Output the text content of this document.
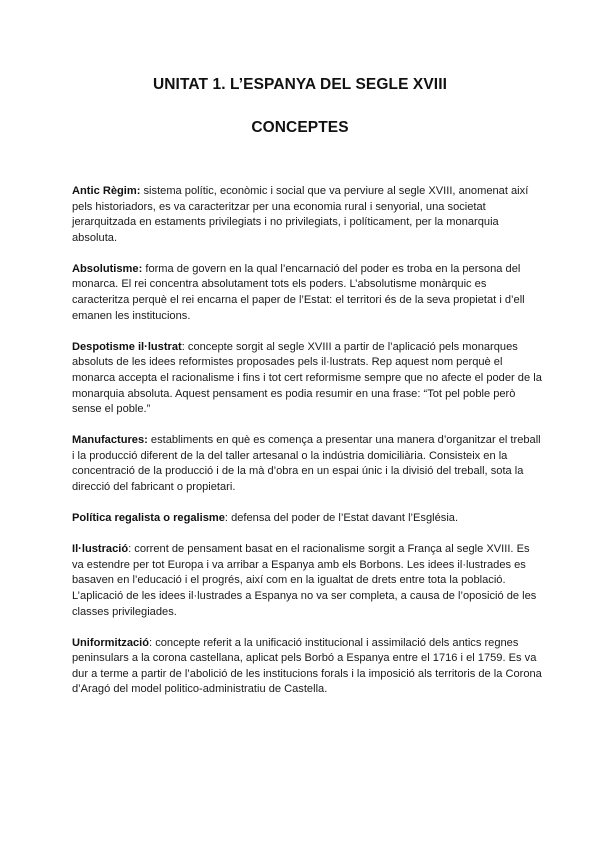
UNITAT 1. L’ESPANYA DEL SEGLE XVIII
CONCEPTES

Antic Règim: sistema polític, econòmic i social que va perviure al segle XVIII, anomenat així pels historiadors, es va caracteritzar per una economia rural i senyorial, una societat jerarquitzada en estaments privilegiats i no privilegiats, i políticament, per la monarquia absoluta.

Absolutisme: forma de govern en la qual l’encarnació del poder es troba en la persona del monarca. El rei concentra absolutament tots els poders. L’absolutisme monàrquic es caracteritza perquè el rei encarna el paper de l’Estat: el territori és de la seva propietat i d’ell emanen les institucions.

Despotisme il·lustrat: concepte sorgit al segle XVIII a partir de l’aplicació pels monarques absoluts de les idees reformistes proposades pels il·lustrats. Rep aquest nom perquè el monarca accepta el racionalisme i fins i tot cert reformisme sempre que no afecte el poder de la monarquia absoluta. Aquest pensament es podia resumir en una frase: “Tot pel poble però sense el poble.”

Manufactures: establiments en què es comença a presentar una manera d’organitzar el treball i la producció diferent de la del taller artesanal o la indústria domiciliària. Consisteix en la concentració de la producció i de la mà d’obra en un espai únic i la divisió del treball, sota la direcció del fabricant o propietari.

Política regalista o regalisme: defensa del poder de l’Estat davant l’Església.

Il·lustració: corrent de pensament basat en el racionalisme sorgit a França al segle XVIII. Es va estendre per tot Europa i va arribar a Espanya amb els Borbons. Les idees il·lustrades es basaven en l’educació i el progrés, així com en la igualtat de drets entre tota la població. L’aplicació de les idees il·lustrades a Espanya no va ser completa, a causa de l’oposició de les classes privilegiades.

Uniformització: concepte referit a la unificació institucional i assimilació dels antics regnes peninsulars a la corona castellana, aplicat pels Borbó a Espanya entre el 1716 i el 1759. Es va dur a terme a partir de l’abolició de les institucions forals i la imposició als territoris de la Corona d’Aragó del model politico-administratiu de Castella.
